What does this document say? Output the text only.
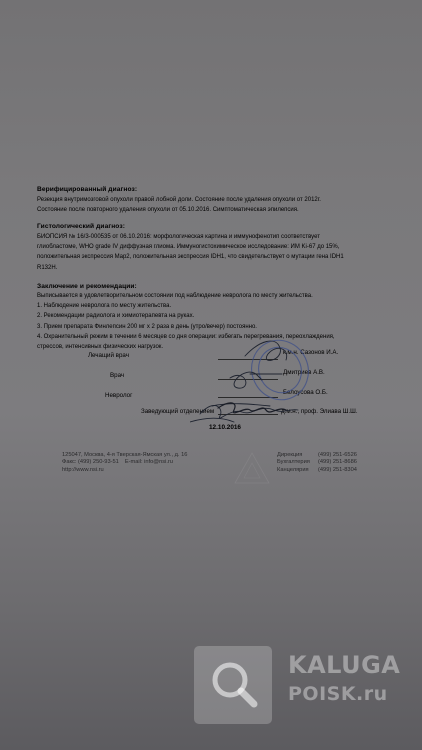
Верифицированный диагноз:
Резекция внутримозговой опухоли правой лобной доли. Состояние после удаления опухоли от 2012г.
Состояние после повторного удаления опухоли от 05.10.2016. Симптоматическая эпилепсия.
Гистологический диагноз:
БИОПСИЯ № 16/3-000535 от 06.10.2016: морфологическая картина и иммунофенотип соответствует
глиобластоме, WHO grade IV диффузная глиома. Иммуногистохимическое исследование: ИМ Ki-67 до 15%,
положительная экспрессия Map2, положительная экспрессия IDH1, что свидетельствует о мутации гена IDH1
R132H.
Заключение и рекомендации:
Выписывается в удовлетворительном состоянии под наблюдение невролога по месту жительства.
1. Наблюдение невролога по месту жительства.
2. Рекомендации радиолога и химиотерапевта на руках.
3. Прием препарата Финлепсин 200 мг х 2 раза в день (утро/вечер) постоянно.
4. Охранительный режим в течении 6 месяцев со дня операции: избегать перегревания, переохлаждения,
стрессов, интенсивных физических нагрузок.
Лечащий врач	к.м.н. Сазонов И.А.
Врач	Дмитриев А.В.
Невролог	Белоусова О.Б.
Заведующий отделением	д.м.н., проф. Элиава Ш.Ш.
12.10.2016
125047, Москва, 4-я Тверская-Ямская ул., д. 16
Факс: (499) 250-93-51 E-mail: info@nsi.ru
http://www.nsi.ru
Дирекция	(499) 251-6526
Бухгалтерия (499) 251-8686
Канцелярия (499) 251-8304
KALUGA
POISK.ru
